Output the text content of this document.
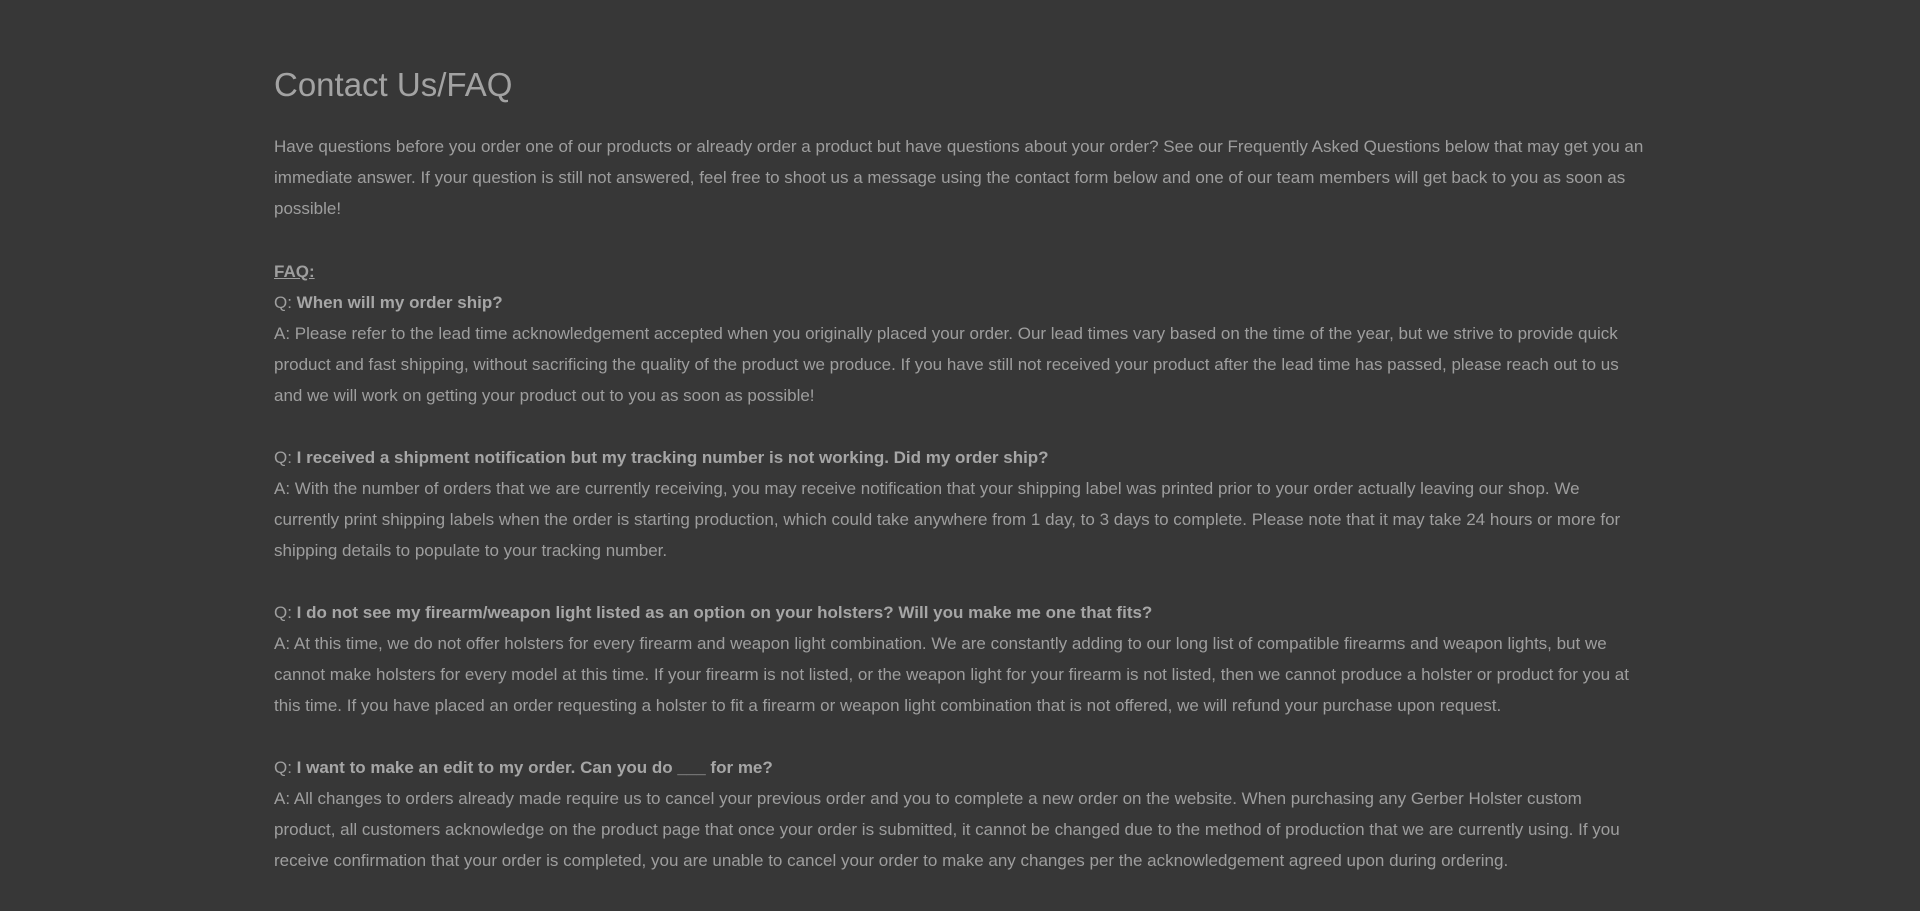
Contact Us/FAQ

Have questions before you order one of our products or already order a product but have questions about your order? See our Frequently Asked Questions below that may get you an immediate answer. If your question is still not answered, feel free to shoot us a message using the contact form below and one of our team members will get back to you as soon as possible!

FAQ:

Q: When will my order ship?

A: Please refer to the lead time acknowledgement accepted when you originally placed your order. Our lead times vary based on the time of the year, but we strive to provide quick product and fast shipping, without sacrificing the quality of the product we produce. If you have still not received your product after the lead time has passed, please reach out to us and we will work on getting your product out to you as soon as possible!

Q: I received a shipment notification but my tracking number is not working. Did my order ship?

A: With the number of orders that we are currently receiving, you may receive notification that your shipping label was printed prior to your order actually leaving our shop. We currently print shipping labels when the order is starting production, which could take anywhere from 1 day, to 3 days to complete. Please note that it may take 24 hours or more for shipping details to populate to your tracking number.

Q: I do not see my firearm/weapon light listed as an option on your holsters? Will you make me one that fits?

A: At this time, we do not offer holsters for every firearm and weapon light combination. We are constantly adding to our long list of compatible firearms and weapon lights, but we cannot make holsters for every model at this time. If your firearm is not listed, or the weapon light for your firearm is not listed, then we cannot produce a holster or product for you at this time. If you have placed an order requesting a holster to fit a firearm or weapon light combination that is not offered, we will refund your purchase upon request.

Q: I want to make an edit to my order. Can you do ___ for me?

A: All changes to orders already made require us to cancel your previous order and you to complete a new order on the website. When purchasing any Gerber Holster custom product, all customers acknowledge on the product page that once your order is submitted, it cannot be changed due to the method of production that we are currently using. If you receive confirmation that your order is completed, you are unable to cancel your order to make any changes per the acknowledgement agreed upon during ordering.
